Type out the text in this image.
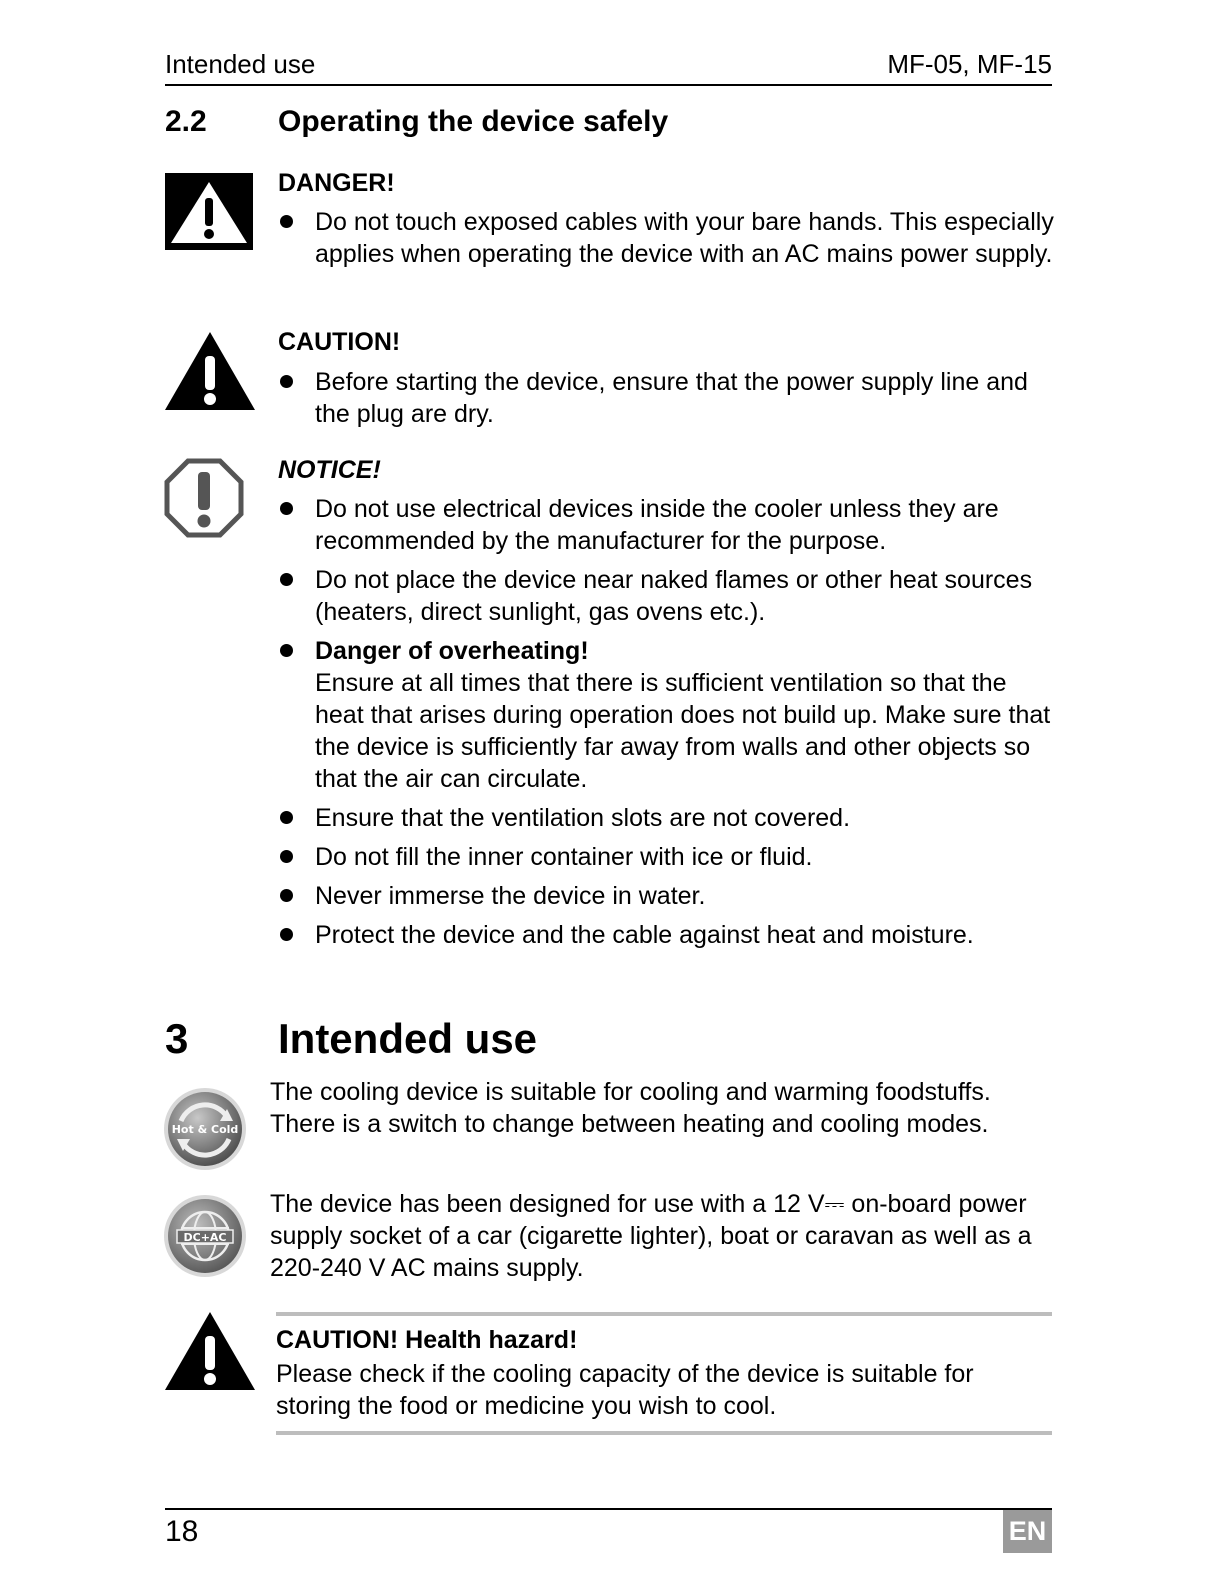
Intended use	MF-05, MF-15
2.2 Operating the device safely
DANGER!
Do not touch exposed cables with your bare hands. This especially applies when operating the device with an AC mains power supply.
CAUTION!
Before starting the device, ensure that the power supply line and the plug are dry.
NOTICE!
Do not use electrical devices inside the cooler unless they are recommended by the manufacturer for the purpose.
Do not place the device near naked flames or other heat sources (heaters, direct sunlight, gas ovens etc.).
Danger of overheating!
Ensure at all times that there is sufficient ventilation so that the heat that arises during operation does not build up. Make sure that the device is sufficiently far away from walls and other objects so that the air can circulate.
Ensure that the ventilation slots are not covered.
Do not fill the inner container with ice or fluid.
Never immerse the device in water.
Protect the device and the cable against heat and moisture.
3 Intended use
Hot & Cold
The cooling device is suitable for cooling and warming foodstuffs. There is a switch to change between heating and cooling modes.
DC+AC
The device has been designed for use with a 12 V⎓ on-board power supply socket of a car (cigarette lighter), boat or caravan as well as a 220-240 V AC mains supply.
CAUTION! Health hazard!
Please check if the cooling capacity of the device is suitable for storing the food or medicine you wish to cool.
18	EN
